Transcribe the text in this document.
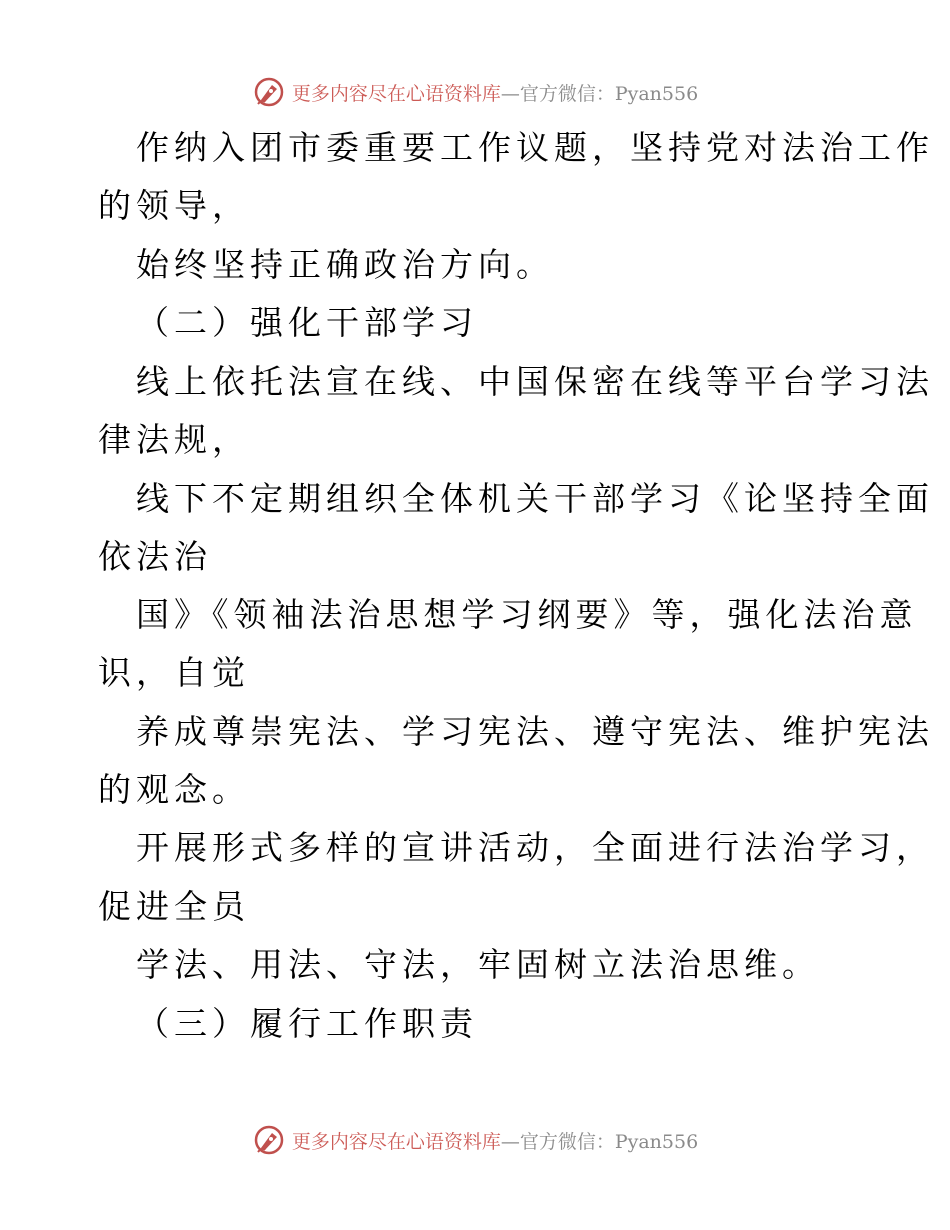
更多内容尽在心语资料库—官方微信：Pyan556
作纳入团市委重要工作议题，坚持党对法治工作
的领导，
始终坚持正确政治方向。
（二）强化干部学习
线上依托法宣在线、中国保密在线等平台学习法
律法规，
线下不定期组织全体机关干部学习《论坚持全面
依法治
国》《领袖法治思想学习纲要》等，强化法治意
识，自觉
养成尊崇宪法、学习宪法、遵守宪法、维护宪法
的观念。
开展形式多样的宣讲活动，全面进行法治学习，
促进全员
学法、用法、守法，牢固树立法治思维。
（三）履行工作职责
更多内容尽在心语资料库—官方微信：Pyan556
